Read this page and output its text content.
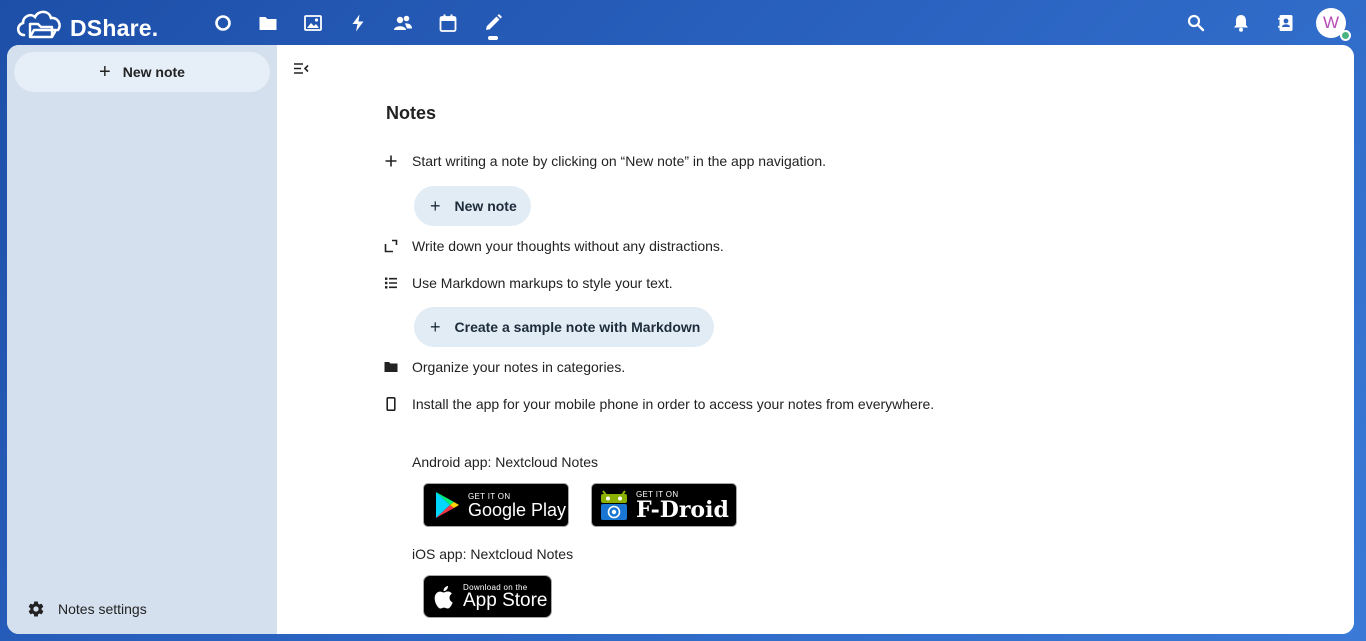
DShare.	W
+ New note
Notes settings
Notes
Start writing a note by clicking on “New note” in the app navigation.
+ New note
Write down your thoughts without any distractions.
Use Markdown markups to style your text.
+ Create a sample note with Markdown
Organize your notes in categories.
Install the app for your mobile phone in order to access your notes from everywhere.
Android app: Nextcloud Notes
GET IT ON
Google Play
GET IT ON
F-Droid
iOS app: Nextcloud Notes
Download on the
App Store
